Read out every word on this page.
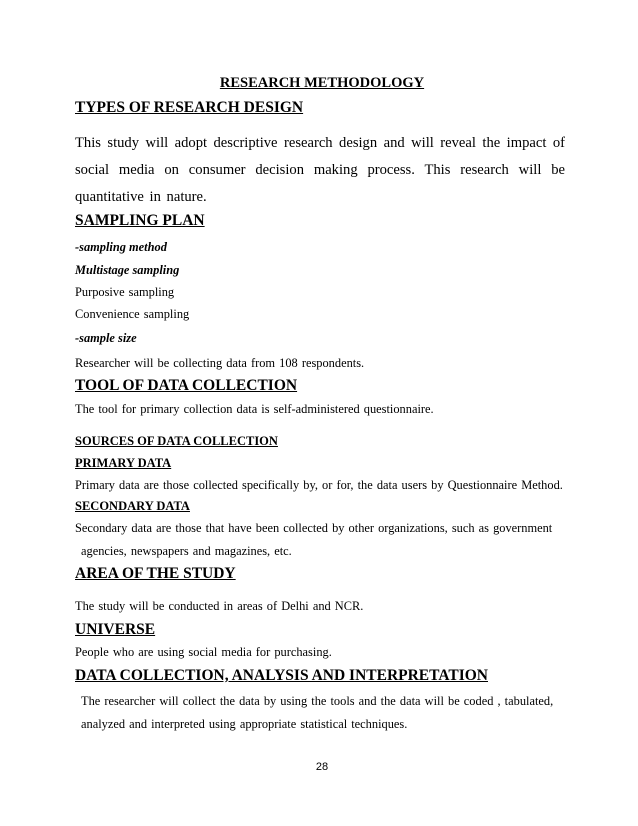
RESEARCH METHODOLOGY
TYPES OF RESEARCH DESIGN
This study will adopt descriptive research design and will reveal the impact of
social media on consumer decision making process. This research will be
quantitative in nature.
SAMPLING PLAN
-sampling method
Multistage sampling
Purposive sampling
Convenience sampling
-sample size
Researcher will be collecting data from 108 respondents.
TOOL OF DATA COLLECTION
The tool for primary collection data is self-administered questionnaire.
SOURCES OF DATA COLLECTION
PRIMARY DATA
Primary data are those collected specifically by, or for, the data users by Questionnaire Method.
SECONDARY DATA
Secondary data are those that have been collected by other organizations, such as government
agencies, newspapers and magazines, etc.
AREA OF THE STUDY
The study will be conducted in areas of Delhi and NCR.
UNIVERSE
People who are using social media for purchasing.
DATA COLLECTION, ANALYSIS AND INTERPRETATION
The researcher will collect the data by using the tools and the data will be coded , tabulated,
analyzed and interpreted using appropriate statistical techniques.
28
